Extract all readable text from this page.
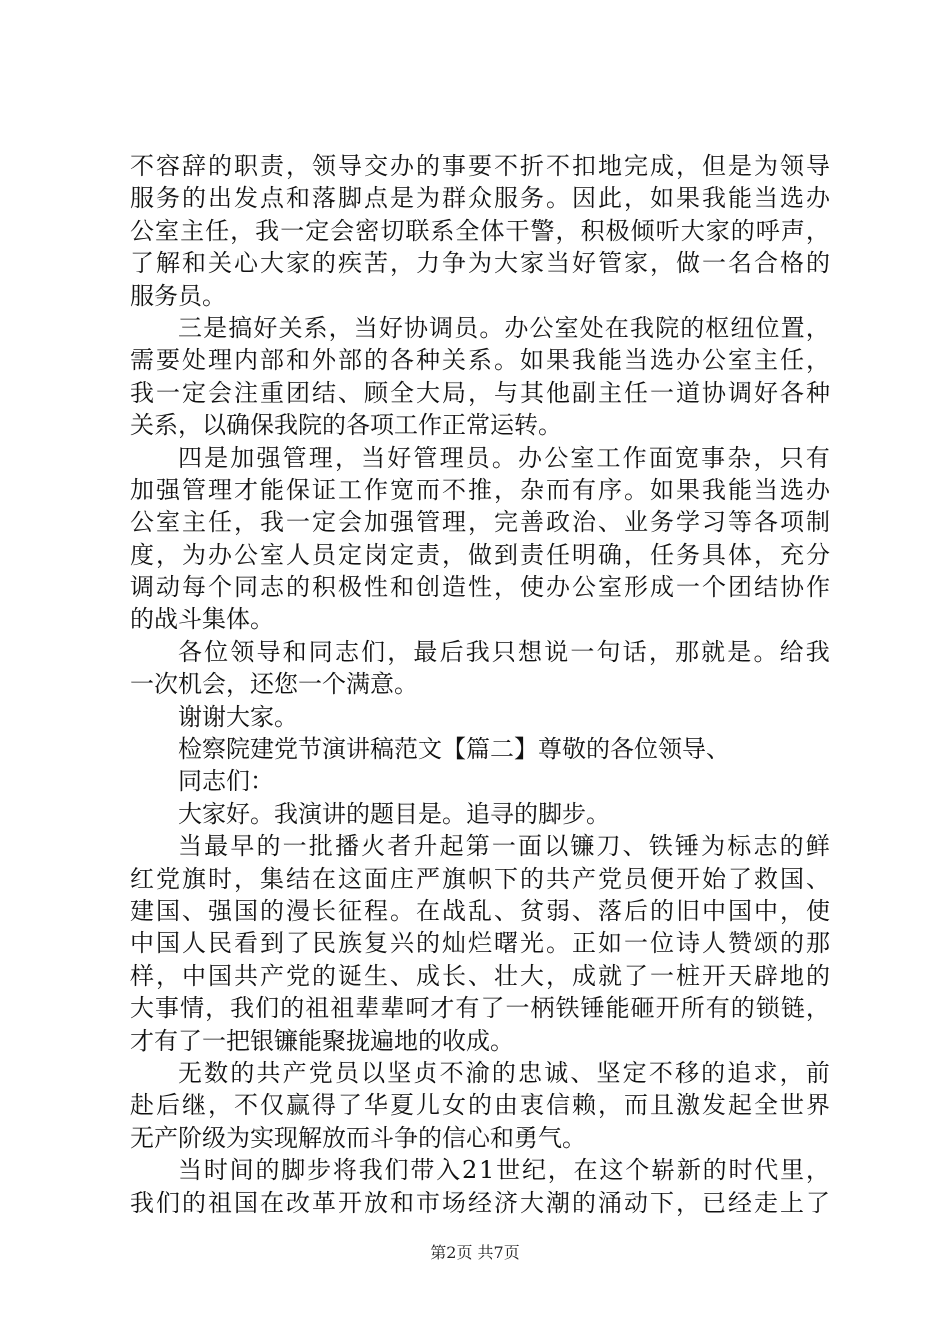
不 容 辞 的 职 责 ， 领 导 交 办 的 事 要 不 折 不 扣 地 完 成 ， 但 是 为 领 导
服 务 的 出 发 点 和 落 脚 点 是 为 群 众 服 务 。 因 此 ， 如 果 我 能 当 选 办
公 室 主 任 ， 我 一 定 会 密 切 联 系 全 体 干 警 ， 积 极 倾 听 大 家 的 呼 声 ，
了 解 和 关 心 大 家 的 疾 苦 ， 力 争 为 大 家 当 好 管 家 ， 做 一 名 合 格 的
服务员。
三 是 搞 好 关 系 ， 当 好 协 调 员 。 办 公 室 处 在 我 院 的 枢 纽 位 置 ，
需 要 处 理 内 部 和 外 部 的 各 种 关 系 。 如 果 我 能 当 选 办 公 室 主 任 ，
我 一 定 会 注 重 团 结 、 顾 全 大 局 ， 与 其 他 副 主 任 一 道 协 调 好 各 种
关系，以确保我院的各项工作正常运转。
四 是 加 强 管 理 ， 当 好 管 理 员 。 办 公 室 工 作 面 宽 事 杂 ， 只 有
加 强 管 理 才 能 保 证 工 作 宽 而 不 推 ， 杂 而 有 序 。 如 果 我 能 当 选 办
公 室 主 任 ， 我 一 定 会 加 强 管 理 ， 完 善 政 治 、 业 务 学 习 等 各 项 制
度 ， 为 办 公 室 人 员 定 岗 定 责 ， 做 到 责 任 明 确 ， 任 务 具 体 ， 充 分
调 动 每 个 同 志 的 积 极 性 和 创 造 性 ， 使 办 公 室 形 成 一 个 团 结 协 作
的战斗集体。
各 位 领 导 和 同 志 们 ， 最 后 我 只 想 说 一 句 话 ， 那 就 是 。 给 我
一次机会，还您一个满意。
谢谢大家。
检察院建党节演讲稿范文【篇二】尊敬的各位领导、
同志们：
大家好。我演讲的题目是。追寻的脚步。
当 最 早 的 一 批 播 火 者 升 起 第 一 面 以 镰 刀 、 铁 锤 为 标 志 的 鲜
红 党 旗 时 ， 集 结 在 这 面 庄 严 旗 帜 下 的 共 产 党 员 便 开 始 了 救 国 、
建 国 、 强 国 的 漫 长 征 程 。 在 战 乱 、 贫 弱 、 落 后 的 旧 中 国 中 ， 使
中 国 人 民 看 到 了 民 族 复 兴 的 灿 烂 曙 光 。 正 如 一 位 诗 人 赞 颂 的 那
样 ， 中 国 共 产 党 的 诞 生 、 成 长 、 壮 大 ， 成 就 了 一 桩 开 天 辟 地 的
大 事 情 ， 我 们 的 祖 祖 辈 辈 呵 才 有 了 一 柄 铁 锤 能 砸 开 所 有 的 锁 链 ，
才有了一把银镰能聚拢遍地的收成。
无 数 的 共 产 党 员 以 坚 贞 不 渝 的 忠 诚 、 坚 定 不 移 的 追 求 ， 前
赴 后 继 ， 不 仅 赢 得 了 华 夏 儿 女 的 由 衷 信 赖 ， 而 且 激 发 起 全 世 界
无产阶级为实现解放而斗争的信心和勇气。
当 时 间 的 脚 步 将 我 们 带 入 2 1 世 纪 ， 在 这 个 崭 新 的 时 代 里 ，
我 们 的 祖 国 在 改 革 开 放 和 市 场 经 济 大 潮 的 涌 动 下 ， 已 经 走 上 了
第2页 共7页
